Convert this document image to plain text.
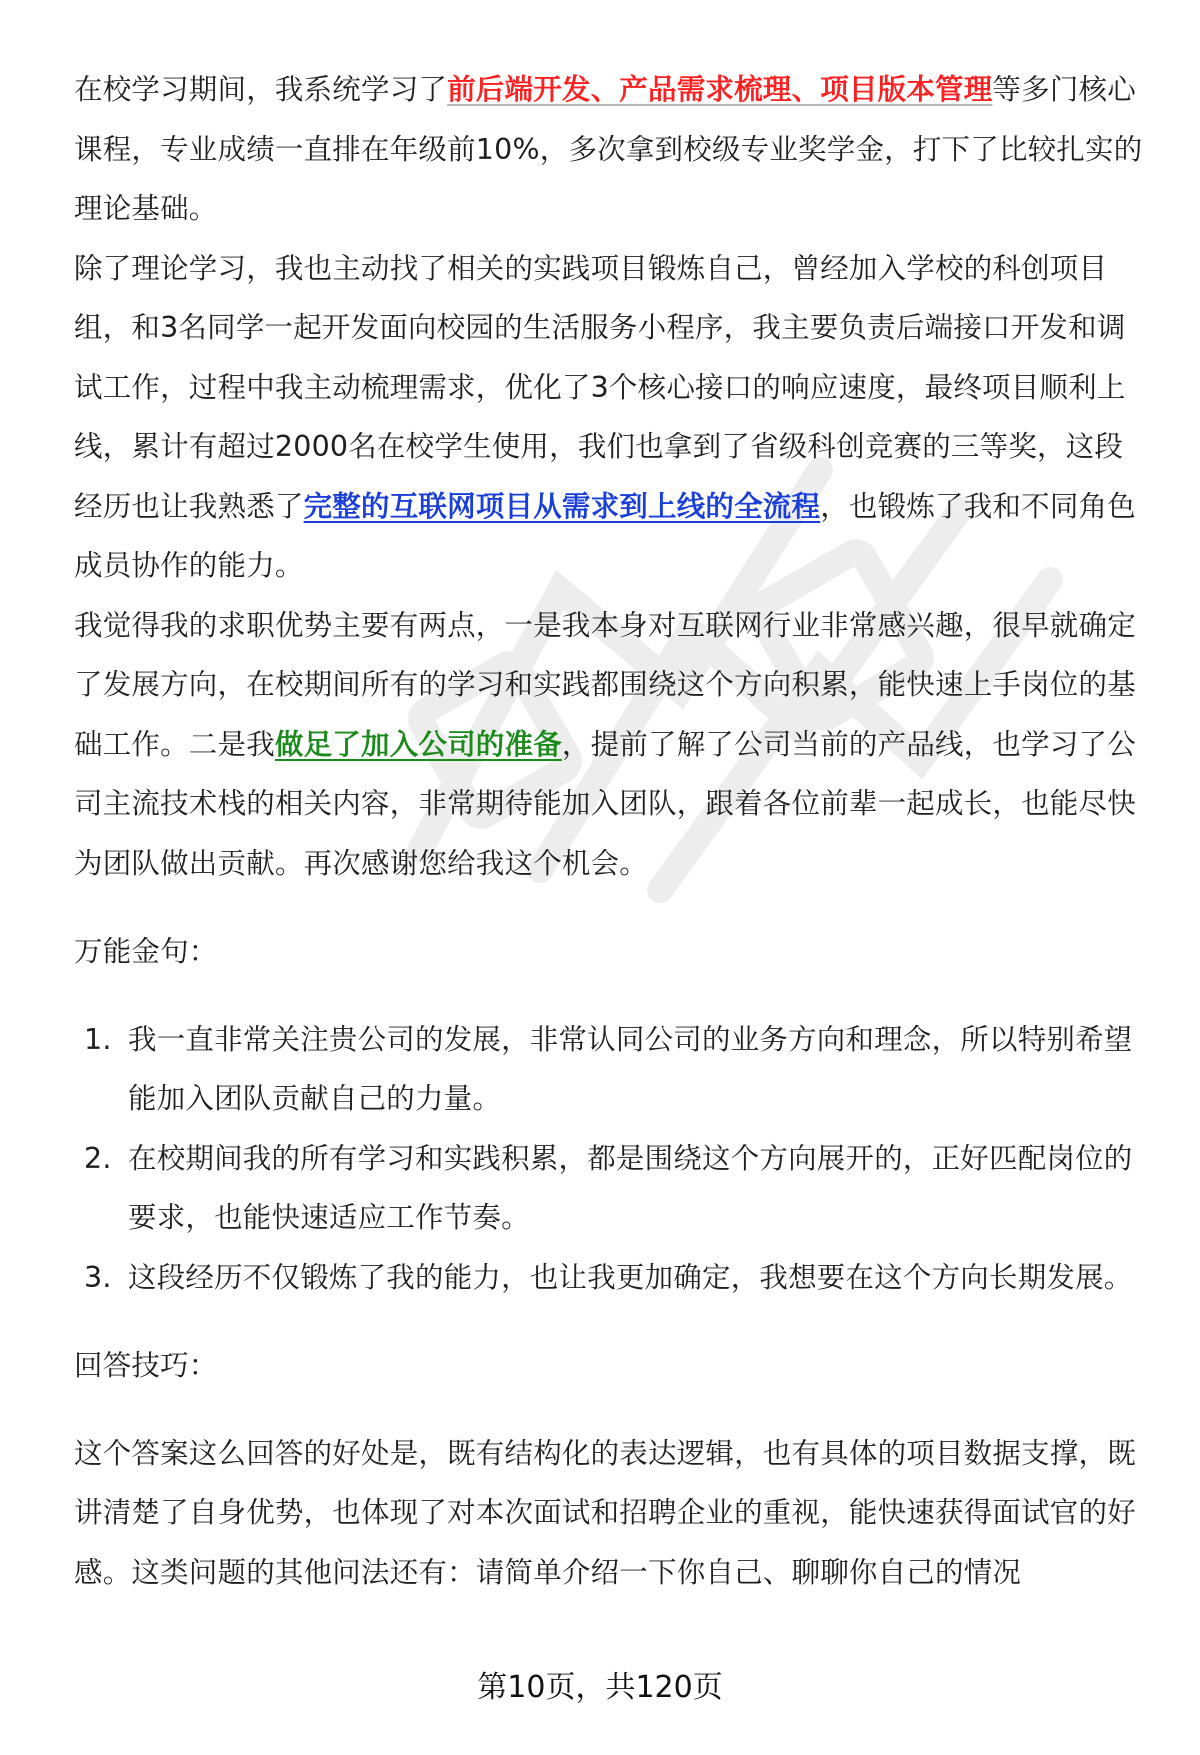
在校学习期间，我系统学习了前后端开发、产品需求梳理、项目版本管理等多门核心课程，专业成绩一直排在年级前10%，多次拿到校级专业奖学金，打下了比较扎实的理论基础。

除了理论学习，我也主动找了相关的实践项目锻炼自己，曾经加入学校的科创项目组，和3名同学一起开发面向校园的生活服务小程序，我主要负责后端接口开发和调试工作，过程中我主动梳理需求，优化了3个核心接口的响应速度，最终项目顺利上线，累计有超过2000名在校学生使用，我们也拿到了省级科创竞赛的三等奖，这段经历也让我熟悉了完整的互联网项目从需求到上线的全流程，也锻炼了我和不同角色成员协作的能力。

我觉得我的求职优势主要有两点，一是我本身对互联网行业非常感兴趣，很早就确定了发展方向，在校期间所有的学习和实践都围绕这个方向积累，能快速上手岗位的基础工作。二是我做足了加入公司的准备，提前了解了公司当前的产品线，也学习了公司主流技术栈的相关内容，非常期待能加入团队，跟着各位前辈一起成长，也能尽快为团队做出贡献。再次感谢您给我这个机会。

万能金句：

1. 我一直非常关注贵公司的发展，非常认同公司的业务方向和理念，所以特别希望能加入团队贡献自己的力量。
2. 在校期间我的所有学习和实践积累，都是围绕这个方向展开的，正好匹配岗位的要求，也能快速适应工作节奏。
3. 这段经历不仅锻炼了我的能力，也让我更加确定，我想要在这个方向长期发展。

回答技巧：

这个答案这么回答的好处是，既有结构化的表达逻辑，也有具体的项目数据支撑，既讲清楚了自身优势，也体现了对本次面试和招聘企业的重视，能快速获得面试官的好感。这类问题的其他问法还有：请简单介绍一下你自己、聊聊你自己的情况

第10页，共120页
